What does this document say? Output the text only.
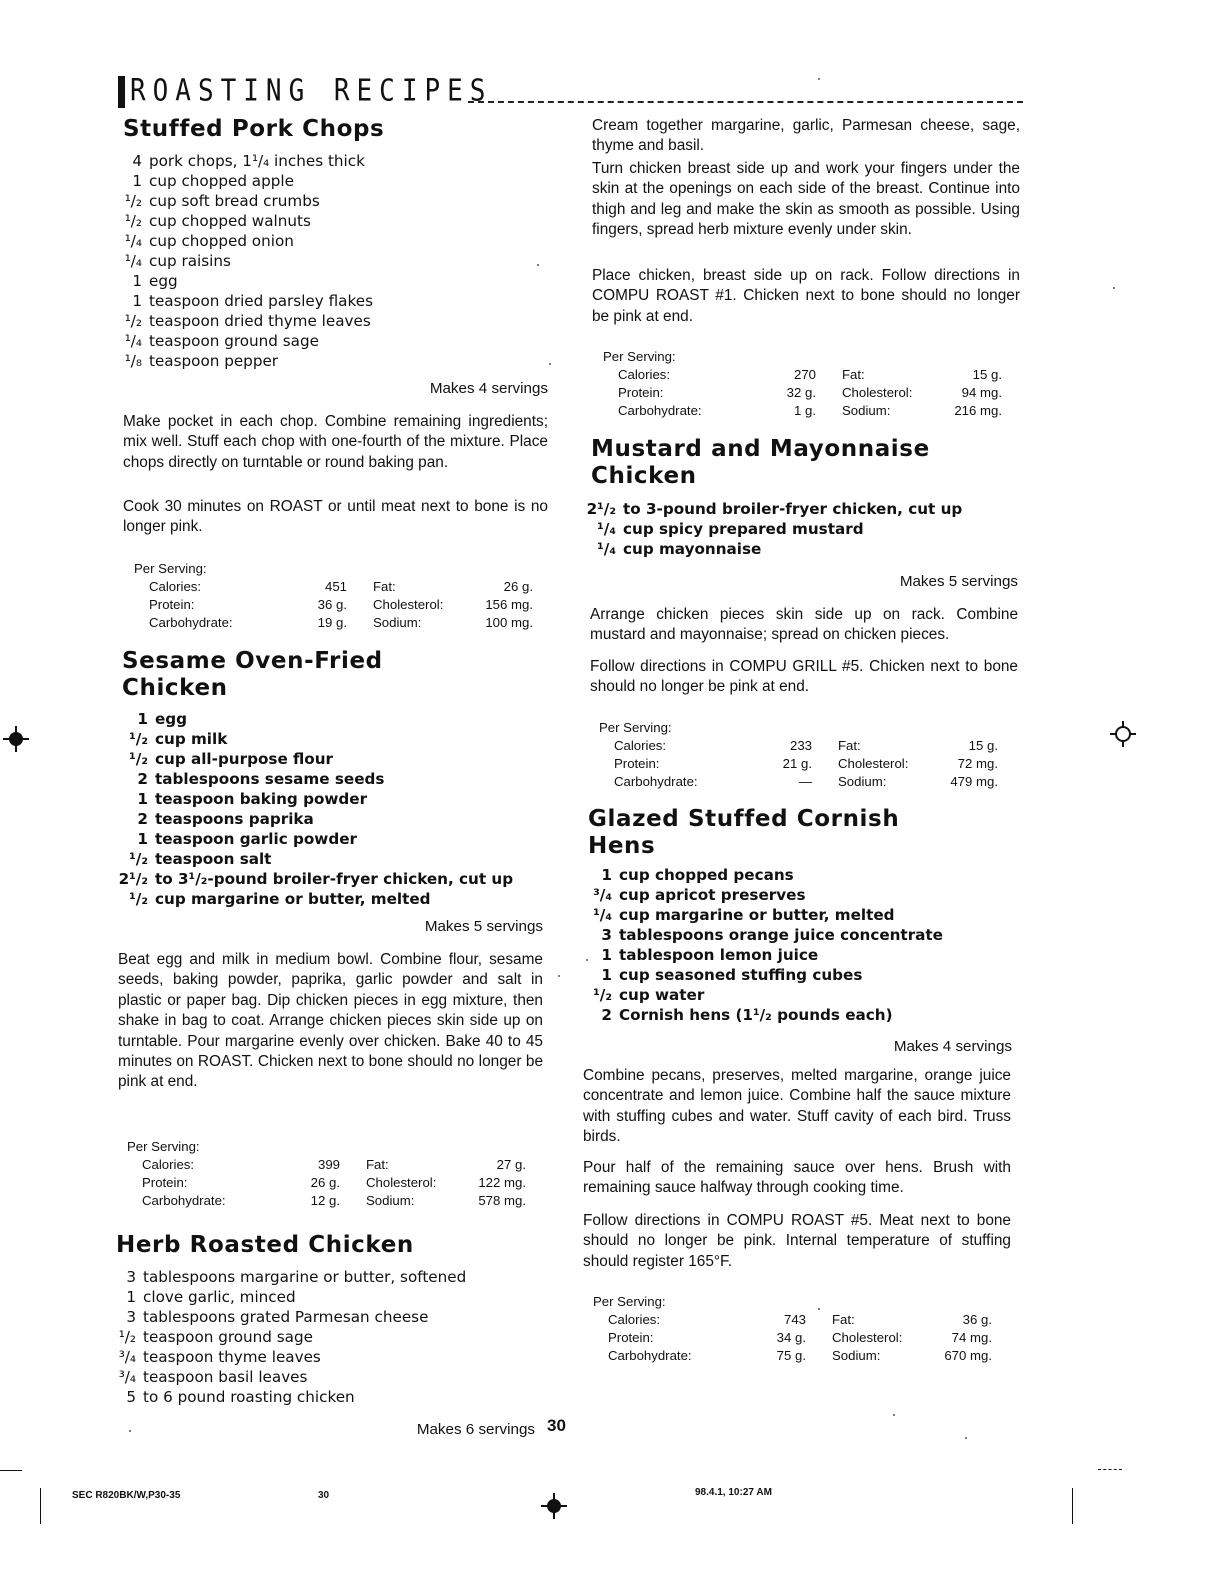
ROASTING RECIPES
Stuffed Pork Chops
4 pork chops, 1¹/₄ inches thick
1 cup chopped apple
¹/₂ cup soft bread crumbs
¹/₂ cup chopped walnuts
¹/₄ cup chopped onion
¹/₄ cup raisins
1 egg
1 teaspoon dried parsley flakes
¹/₂ teaspoon dried thyme leaves
¹/₄ teaspoon ground sage
¹/₈ teaspoon pepper
Makes 4 servings

Make pocket in each chop. Combine remaining ingredients; mix well. Stuff each chop with one-fourth of the mixture. Place chops directly on turntable or round baking pan.

Cook 30 minutes on ROAST or until meat next to bone is no longer pink.

Per Serving:
Calories:	451	Fat:	26 g.
Protein:	36 g.	Cholesterol:	156 mg.
Carbohydrate:	19 g.	Sodium:	100 mg.
Sesame Oven-Fried
Chicken
1 egg
¹/₂ cup milk
¹/₂ cup all-purpose flour
2 tablespoons sesame seeds
1 teaspoon baking powder
2 teaspoons paprika
1 teaspoon garlic powder
¹/₂ teaspoon salt
2¹/₂ to 3¹/₂-pound broiler-fryer chicken, cut up
¹/₂ cup margarine or butter, melted
Makes 5 servings

Beat egg and milk in medium bowl. Combine flour, sesame seeds, baking powder, paprika, garlic powder and salt in plastic or paper bag. Dip chicken pieces in egg mixture, then shake in bag to coat. Arrange chicken pieces skin side up on turntable. Pour margarine evenly over chicken. Bake 40 to 45 minutes on ROAST. Chicken next to bone should no longer be pink at end.

Per Serving:
Calories:	399	Fat:	27 g.
Protein:	26 g.	Cholesterol:	122 mg.
Carbohydrate:	12 g.	Sodium:	578 mg.
Herb Roasted Chicken
3 tablespoons margarine or butter, softened
1 clove garlic, minced
3 tablespoons grated Parmesan cheese
¹/₂ teaspoon ground sage
³/₄ teaspoon thyme leaves
³/₄ teaspoon basil leaves
5 to 6 pound roasting chicken
Makes 6 servings 30

Cream together margarine, garlic, Parmesan cheese, sage, thyme and basil.

Turn chicken breast side up and work your fingers under the skin at the openings on each side of the breast. Continue into thigh and leg and make the skin as smooth as possible. Using fingers, spread herb mixture evenly under skin.

Place chicken, breast side up on rack. Follow directions in COMPU ROAST #1. Chicken next to bone should no longer be pink at end.

Per Serving:
Calories:	270	Fat:	15 g.
Protein:	32 g.	Cholesterol:	94 mg.
Carbohydrate:	1 g.	Sodium:	216 mg.
Mustard and Mayonnaise
Chicken
2¹/₂ to 3-pound broiler-fryer chicken, cut up
¹/₄ cup spicy prepared mustard
¹/₄ cup mayonnaise
Makes 5 servings

Arrange chicken pieces skin side up on rack. Combine mustard and mayonnaise; spread on chicken pieces.

Follow directions in COMPU GRILL #5. Chicken next to bone should no longer be pink at end.

Per Serving:
Calories:	233	Fat:	15 g.
Protein:	21 g.	Cholesterol:	72 mg.
Carbohydrate:	—	Sodium:	479 mg.
Glazed Stuffed Cornish
Hens
1 cup chopped pecans
³/₄ cup apricot preserves
¹/₄ cup margarine or butter, melted
3 tablespoons orange juice concentrate
1 tablespoon lemon juice
1 cup seasoned stuffing cubes
¹/₂ cup water
2 Cornish hens (1¹/₂ pounds each)
Makes 4 servings

Combine pecans, preserves, melted margarine, orange juice concentrate and lemon juice. Combine half the sauce mixture with stuffing cubes and water. Stuff cavity of each bird. Truss birds.

Pour half of the remaining sauce over hens. Brush with remaining sauce halfway through cooking time.

Follow directions in COMPU ROAST #5. Meat next to bone should no longer be pink. Internal temperature of stuffing should register 165°F.

Per Serving:
Calories:	743	Fat:	36 g.
Protein:	34 g.	Cholesterol:	74 mg.
Carbohydrate:	75 g.	Sodium:	670 mg.
SEC R820BK/W,P30-35	30	98.4.1, 10:27 AM
